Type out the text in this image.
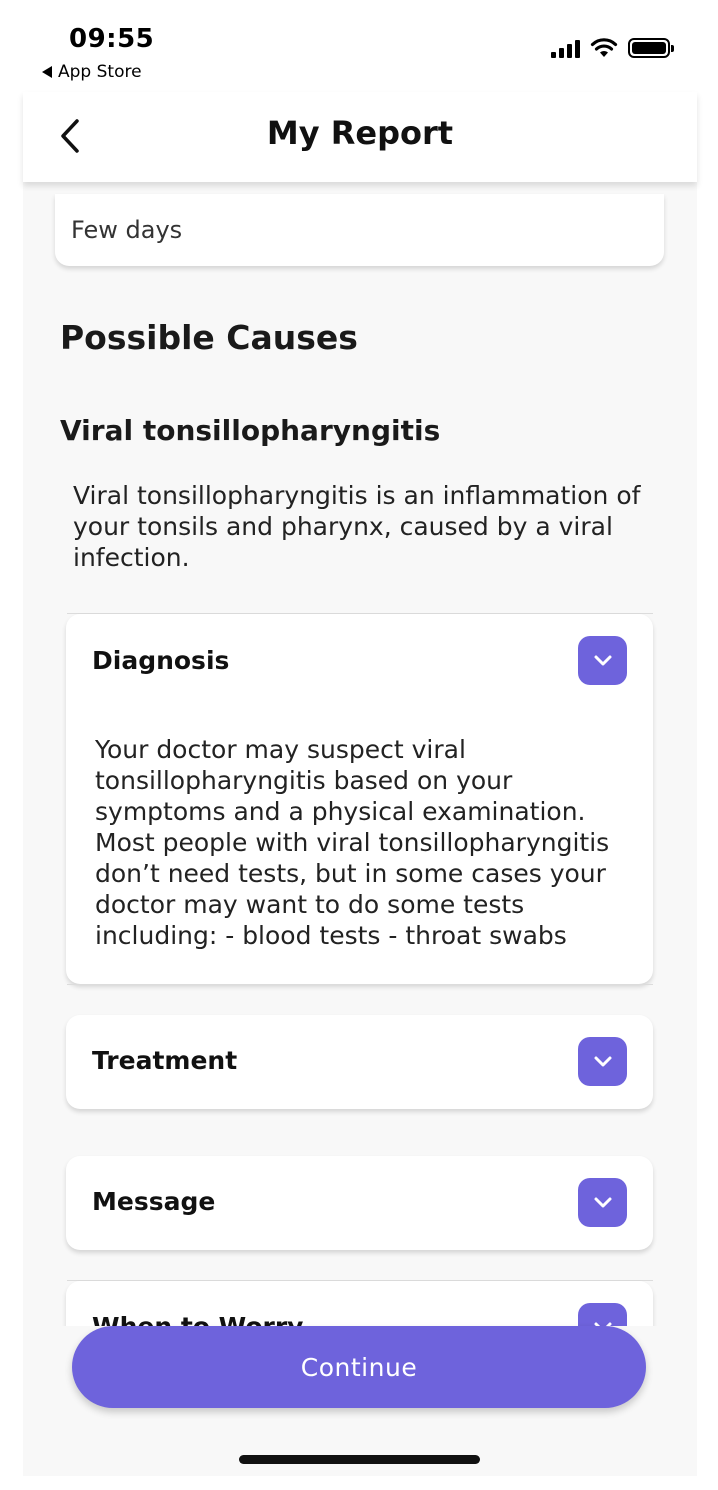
09:55
App Store
My Report
Few days
Possible Causes
Viral tonsillopharyngitis
Viral tonsillopharyngitis is an inflammation of your tonsils and pharynx, caused by a viral infection.
Diagnosis
Your doctor may suspect viral tonsillopharyngitis based on your symptoms and a physical examination. Most people with viral tonsillopharyngitis don’t need tests, but in some cases your doctor may want to do some tests including: - blood tests - throat swabs
Treatment
Message
Continue
